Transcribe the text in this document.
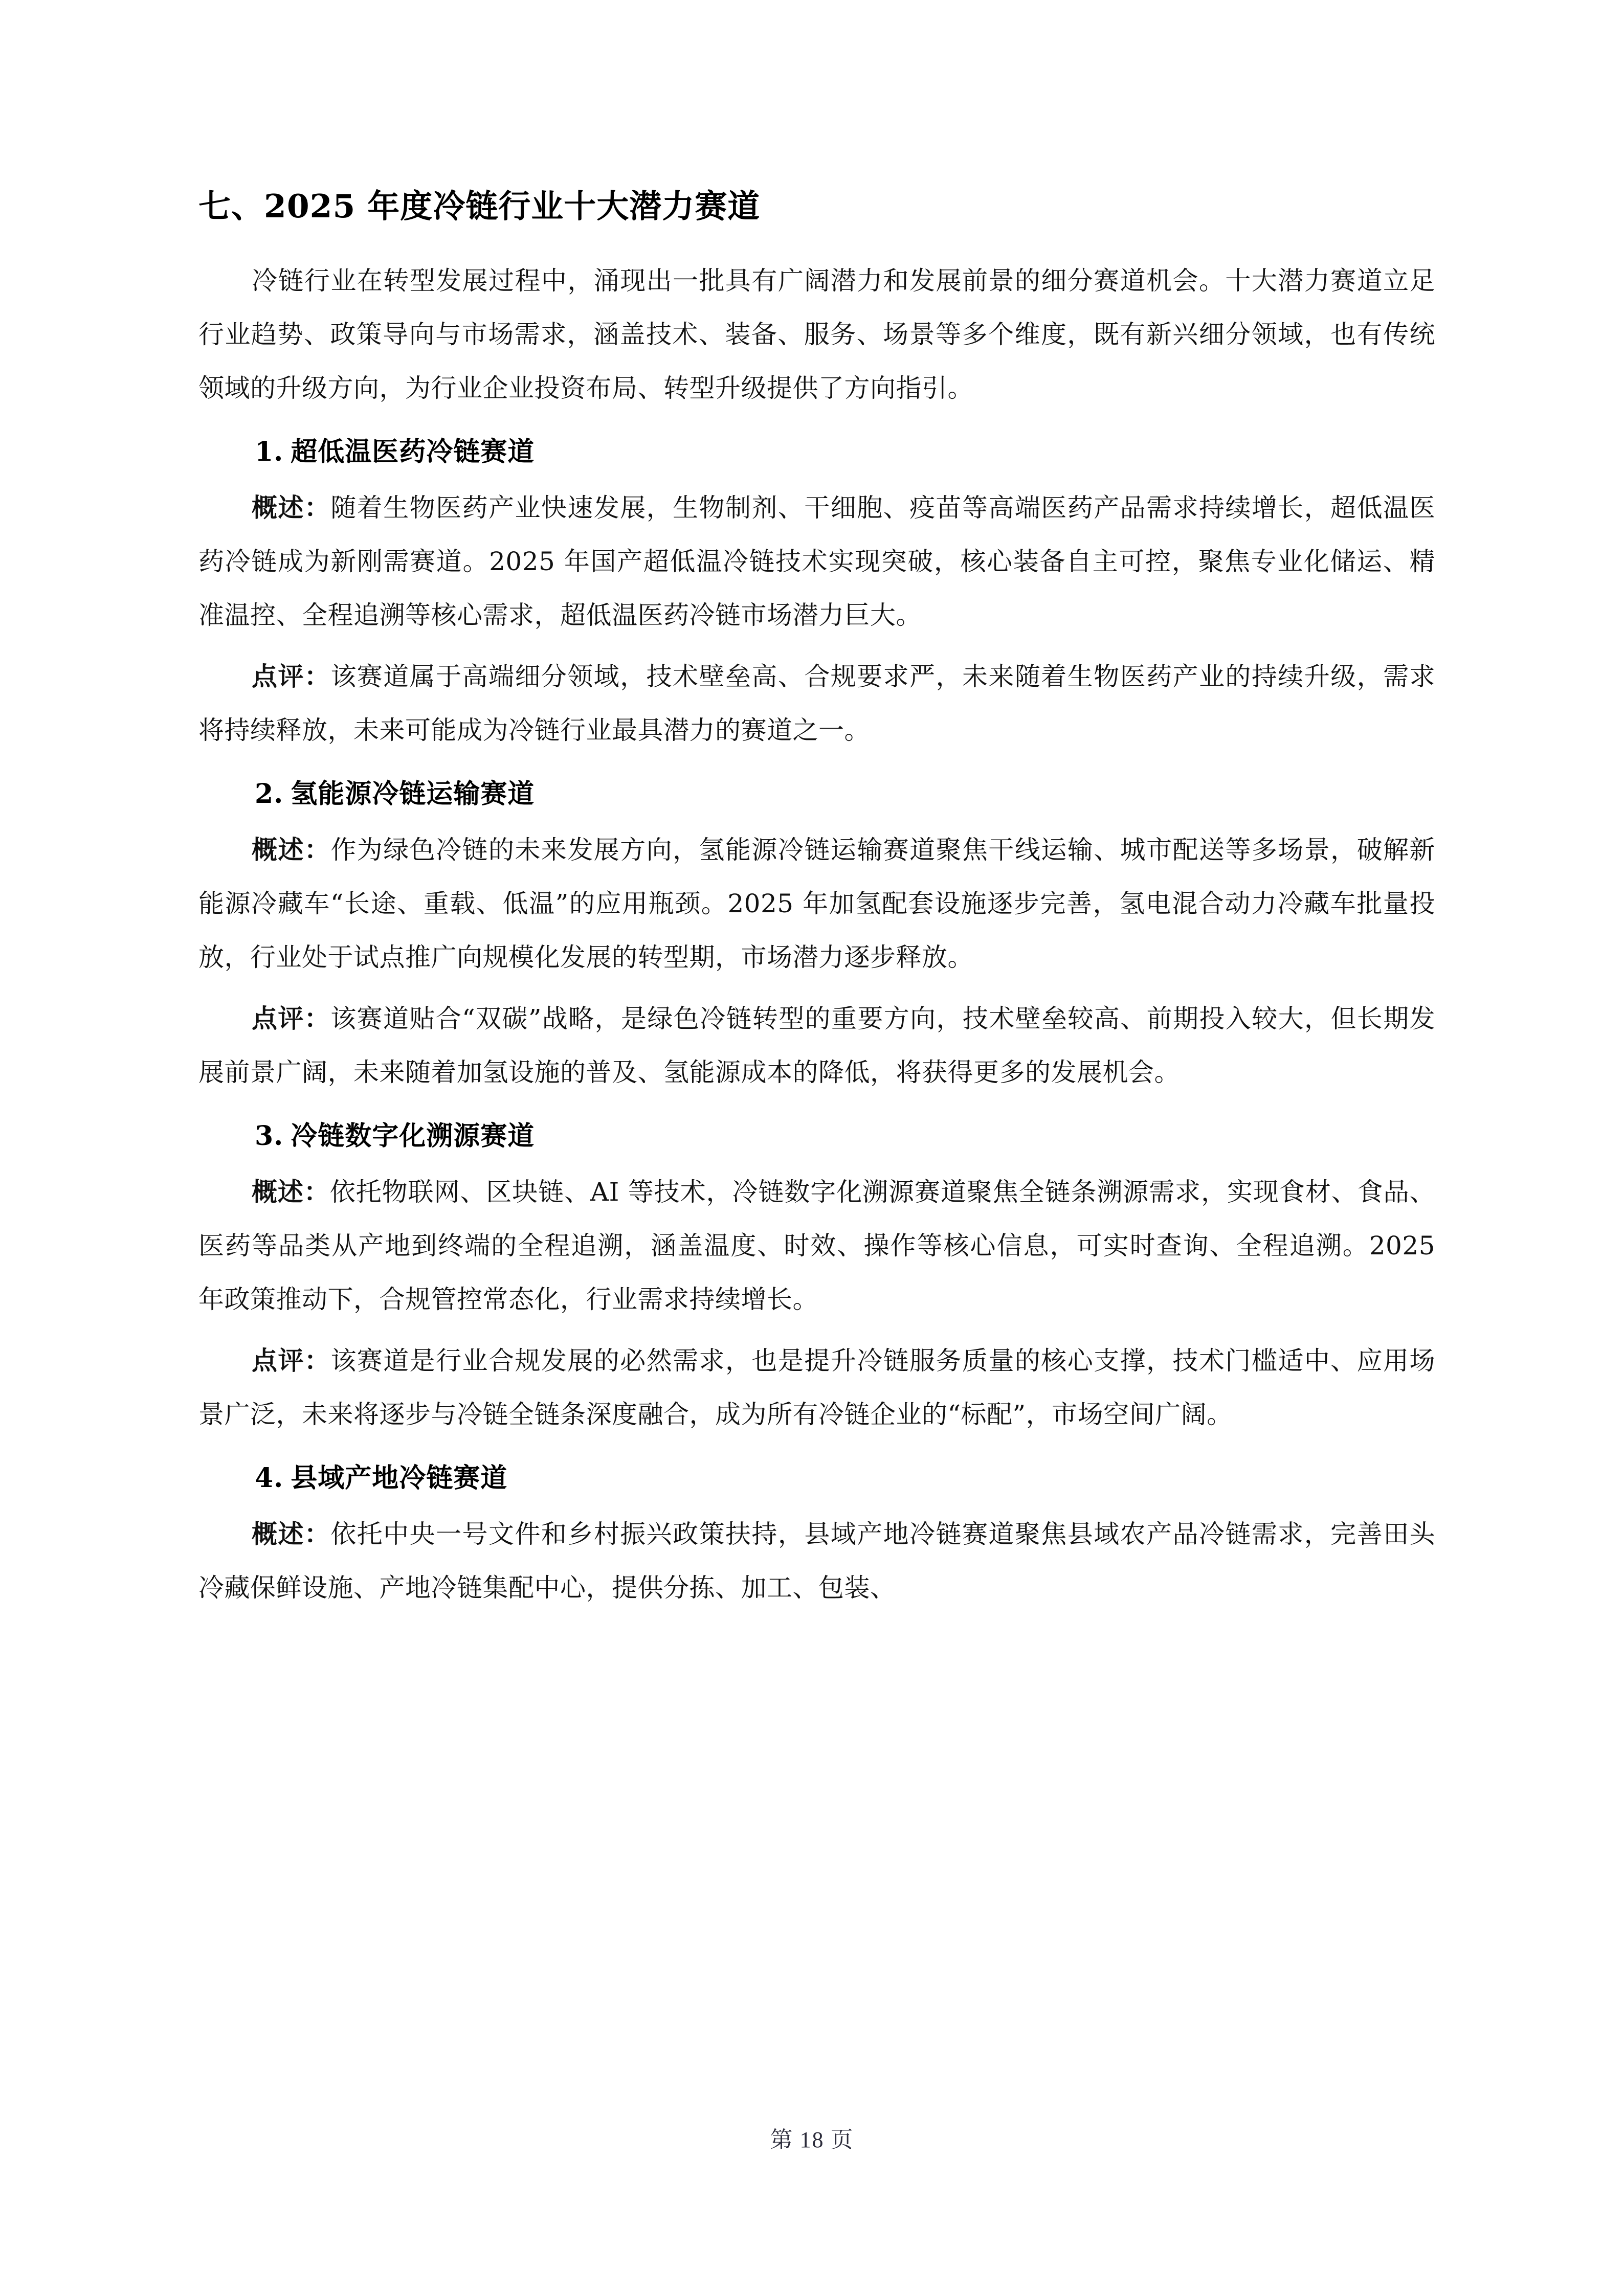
七、2025 年度冷链行业十大潜力赛道

冷链行业在转型发展过程中，涌现出一批具有广阔潜力和发展前景的细分赛道机会。十大潜力赛道立足行业趋势、政策导向与市场需求，涵盖技术、装备、服务、场景等多个维度，既有新兴细分领域，也有传统领域的升级方向，为行业企业投资布局、转型升级提供了方向指引。

1. 超低温医药冷链赛道

概述：随着生物医药产业快速发展，生物制剂、干细胞、疫苗等高端医药产品需求持续增长，超低温医药冷链成为新刚需赛道。2025 年国产超低温冷链技术实现突破，核心装备自主可控，聚焦专业化储运、精准温控、全程追溯等核心需求，超低温医药冷链市场潜力巨大。

点评：该赛道属于高端细分领域，技术壁垒高、合规要求严，未来随着生物医药产业的持续升级，需求将持续释放，未来可能成为冷链行业最具潜力的赛道之一。

2. 氢能源冷链运输赛道

概述：作为绿色冷链的未来发展方向，氢能源冷链运输赛道聚焦干线运输、城市配送等多场景，破解新能源冷藏车“长途、重载、低温”的应用瓶颈。2025 年加氢配套设施逐步完善，氢电混合动力冷藏车批量投放，行业处于试点推广向规模化发展的转型期，市场潜力逐步释放。

点评：该赛道贴合“双碳”战略，是绿色冷链转型的重要方向，技术壁垒较高、前期投入较大，但长期发展前景广阔，未来随着加氢设施的普及、氢能源成本的降低，将获得更多的发展机会。

3. 冷链数字化溯源赛道

概述：依托物联网、区块链、AI 等技术，冷链数字化溯源赛道聚焦全链条溯源需求，实现食材、食品、医药等品类从产地到终端的全程追溯，涵盖温度、时效、操作等核心信息，可实时查询、全程追溯。2025 年政策推动下，合规管控常态化，行业需求持续增长。

点评：该赛道是行业合规发展的必然需求，也是提升冷链服务质量的核心支撑，技术门槛适中、应用场景广泛，未来将逐步与冷链全链条深度融合，成为所有冷链企业的“标配”，市场空间广阔。

4. 县域产地冷链赛道

概述：依托中央一号文件和乡村振兴政策扶持，县域产地冷链赛道聚焦县域农产品冷链需求，完善田头冷藏保鲜设施、产地冷链集配中心，提供分拣、加工、包装、

第 18 页
